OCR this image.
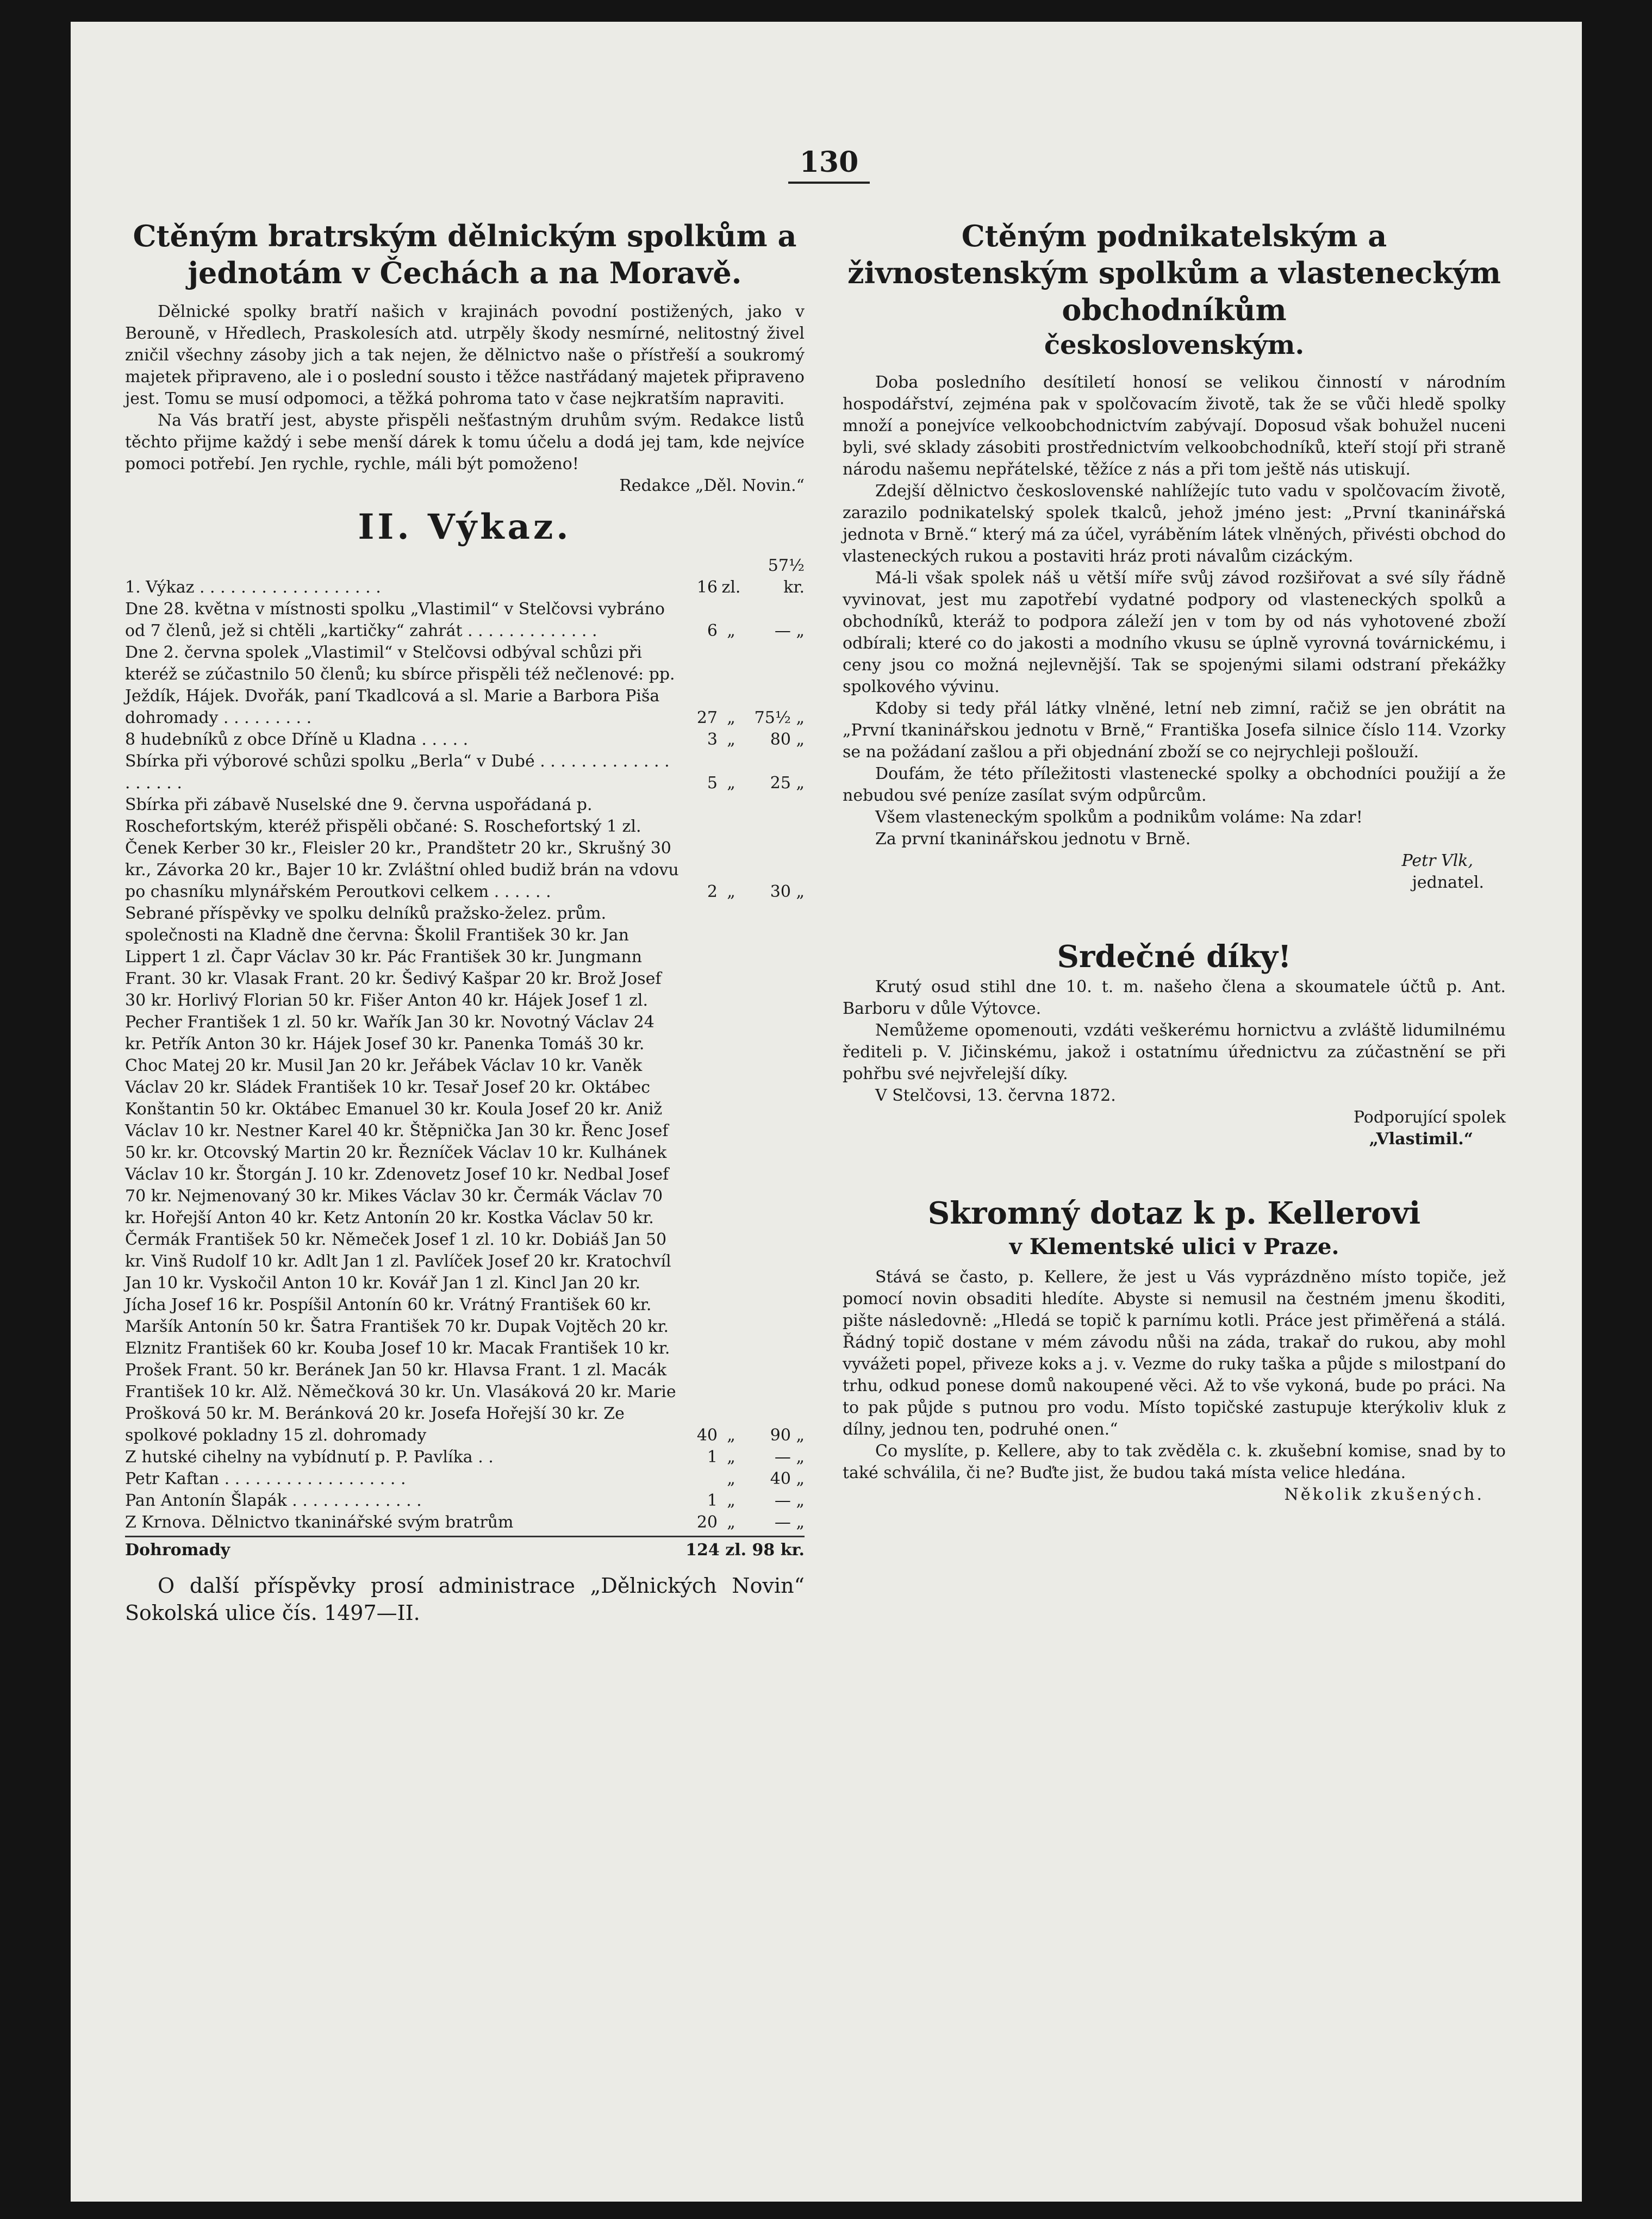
130
Ctěným bratrským dělnickým spolkům a jednotám v Čechách a na Moravě.

Dělnické spolky bratří našich v krajinách povodní postižených, jako v Berouně, v Hředlech, Praskolesích atd. utrpěly škody nesmírné, nelitostný živel zničil všechny zásoby jich a tak nejen, že dělnictvo naše o přístřeší a soukromý majetek připraveno, ale i o poslední sousto i těžce nastřádaný majetek připraveno jest. Tomu se musí odpomoci, a těžká pohroma tato v čase nejkratším napraviti.

Na Vás bratří jest, abyste přispěli nešťastným druhům svým. Redakce listů těchto přijme každý i sebe menší dárek k tomu účelu a dodá jej tam, kde nejvíce pomoci potřebí. Jen rychle, rychle, máli být pomoženo!

Redakce „Děl. Novin.“

II. Výkaz.
1. Výkaz . . . . . . . . . . . . . . . . . .	16	zl.	57½ kr.
Dne 28. května v místnosti spolku „Vlastimil“ v Stelčovsi vybráno od 7 členů, jež si chtěli „kartičky“ zahrát . . . . . . . . . . . . .	6	„	— „
Dne 2. června spolek „Vlastimil“ v Stelčovsi odbýval schůzi při kteréž se zúčastnilo 50 členů; ku sbírce přispěli též nečlenové: pp. Ježdík, Hájek. Dvořák, paní Tkadlcová a sl. Marie a Barbora Piša dohromady . . . . . . . . .	27	„	75½ „
8 hudebníků z obce Dříně u Kladna . . . . .	3	„	80 „
Sbírka při výborové schůzi spolku „Berla“ v Dubé . . . . . . . . . . . . . . . . . . .	5	„	25 „
Sbírka při zábavě Nuselské dne 9. června uspořádaná p. Roschefortským, kteréž přispěli občané: S. Roschefortský 1 zl. Čenek Kerber 30 kr., Fleisler 20 kr., Prandštetr 20 kr., Skrušný 30 kr., Závorka 20 kr., Bajer 10 kr. Zvláštní ohled budiž brán na vdovu po chasníku mlynářském Peroutkovi celkem . . . . . .	2	„	30 „
Sebrané příspěvky ve spolku delníků pražsko-želez. prům. společnosti na Kladně dne června: Školil František 30 kr. Jan Lippert 1 zl. Čapr Václav 30 kr. Pác František 30 kr. Jungmann Frant. 30 kr. Vlasak Frant. 20 kr. Šedivý Kašpar 20 kr. Brož Josef 30 kr. Horlivý Florian 50 kr. Fišer Anton 40 kr. Hájek Josef 1 zl. Pecher František 1 zl. 50 kr. Wařík Jan 30 kr. Novotný Václav 24 kr. Petřík Anton 30 kr. Hájek Josef 30 kr. Panenka Tomáš 30 kr. Choc Matej 20 kr. Musil Jan 20 kr. Jeřábek Václav 10 kr. Vaněk Václav 20 kr. Sládek František 10 kr. Tesař Josef 20 kr. Oktábec Konštantin 50 kr. Oktábec Emanuel 30 kr. Koula Josef 20 kr. Aniž Václav 10 kr. Nestner Karel 40 kr. Štěpnička Jan 30 kr. Řenc Josef 50 kr. kr. Otcovský Martin 20 kr. Řezníček Václav 10 kr. Kulhánek Václav 10 kr. Štorgán J. 10 kr. Zdenovetz Josef 10 kr. Nedbal Josef 70 kr. Nejmenovaný 30 kr. Mikes Václav 30 kr. Čermák Václav 70 kr. Hořejší Anton 40 kr. Ketz Antonín 20 kr. Kostka Václav 50 kr. Čermák František 50 kr. Němeček Josef 1 zl. 10 kr. Dobiáš Jan 50 kr. Vinš Rudolf 10 kr. Adlt Jan 1 zl. Pavlíček Josef 20 kr. Kratochvíl Jan 10 kr. Vyskočil Anton 10 kr. Kovář Jan 1 zl. Kincl Jan 20 kr. Jícha Josef 16 kr. Pospíšil Antonín 60 kr. Vrátný František 60 kr. Maršík Antonín 50 kr. Šatra František 70 kr. Dupak Vojtěch 20 kr. Elznitz František 60 kr. Kouba Josef 10 kr. Macak František 10 kr. Prošek Frant. 50 kr. Beránek Jan 50 kr. Hlavsa Frant. 1 zl. Macák František 10 kr. Alž. Němečková 30 kr. Un. Vlasáková 20 kr. Marie Prošková 50 kr. M. Beránková 20 kr. Josefa Hořejší 30 kr. Ze spolkové pokladny 15 zl. dohromady	40	„	90 „
Z hutské cihelny na vybídnutí p. P. Pavlíka . .	1	„	— „
Petr Kaftan . . . . . . . . . . . . . . . . . .		„	40 „
Pan Antonín Šlapák . . . . . . . . . . . . .	1	„	— „
Z Krnova. Dělnictvo tkaninářské svým bratrům	20	„	— „
Dohromady	124 zl. 98 kr.

O další příspěvky prosí administrace „Dělnických Novin“ Sokolská ulice čís. 1497—II.

Ctěným podnikatelským a živnostenským spolkům a vlasteneckým obchodníkům
československým.

Doba posledního desítiletí honosí se velikou činností v národním hospodářství, zejména pak v spolčovacím životě, tak že se vůči hledě spolky množí a ponejvíce velkoobchodnictvím zabývají. Doposud však bohužel nuceni byli, své sklady zásobiti prostřednictvím velkoobchodníků, kteří stojí při straně národu našemu nepřátelské, těžíce z nás a při tom ještě nás utiskují.

Zdejší dělnictvo československé nahlížejíc tuto vadu v spolčovacím životě, zarazilo podnikatelský spolek tkalců, jehož jméno jest: „První tkaninářská jednota v Brně.“ který má za účel, vyráběním látek vlněných, přivésti obchod do vlasteneckých rukou a postaviti hráz proti návalům cizáckým.

Má-li však spolek náš u větší míře svůj závod rozšiřovat a své síly řádně vyvinovat, jest mu zapotřebí vydatné podpory od vlasteneckých spolků a obchodníků, kteráž to podpora záleží jen v tom by od nás vyhotovené zboží odbírali; které co do jakosti a modního vkusu se úplně vyrovná továrnickému, i ceny jsou co možná nejlevnější. Tak se spojenými silami odstraní překážky spolkového vývinu.

Kdoby si tedy přál látky vlněné, letní neb zimní, račiž se jen obrátit na „První tkaninářskou jednotu v Brně,“ Františka Josefa silnice číslo 114. Vzorky se na požádaní zašlou a při objednání zboží se co nejrychleji pošlouží.

Doufám, že této příležitosti vlastenecké spolky a obchodníci použijí a že nebudou své peníze zasílat svým odpůrcům.

Všem vlasteneckým spolkům a podnikům voláme: Na zdar!

Za první tkaninářskou jednotu v Brně.

Petr Vlk,

jednatel.

Srdečné díky!

Krutý osud stihl dne 10. t. m. našeho člena a skoumatele účtů p. Ant. Barboru v důle Výtovce.

Nemůžeme opomenouti, vzdáti veškerému hornictvu a zvláště lidumilnému řediteli p. V. Jičinskému, jakož i ostatnímu úřednictvu za zúčastnění se při pohřbu své nejvřelejší díky.

V Stelčovsi, 13. června 1872.

Podporující spolek

„Vlastimil.“

Skromný dotaz k p. Kellerovi
v Klementské ulici v Praze.

Stává se často, p. Kellere, že jest u Vás vyprázdněno místo topiče, jež pomocí novin obsaditi hledíte. Abyste si nemusil na čestném jmenu škoditi, pište následovně: „Hledá se topič k parnímu kotli. Práce jest přiměřená a stálá. Řádný topič dostane v mém závodu nůši na záda, trakař do rukou, aby mohl vyvážeti popel, přiveze koks a j. v. Vezme do ruky taška a půjde s milostpaní do trhu, odkud ponese domů nakoupené věci. Až to vše vykoná, bude po práci. Na to pak půjde s putnou pro vodu. Místo topičské zastupuje kterýkoliv kluk z dílny, jednou ten, podruhé onen.“

Co myslíte, p. Kellere, aby to tak zvěděla c. k. zkušební komise, snad by to také schválila, či ne? Buďte jist, že budou taká místa velice hledána.

Několik zkušených.
